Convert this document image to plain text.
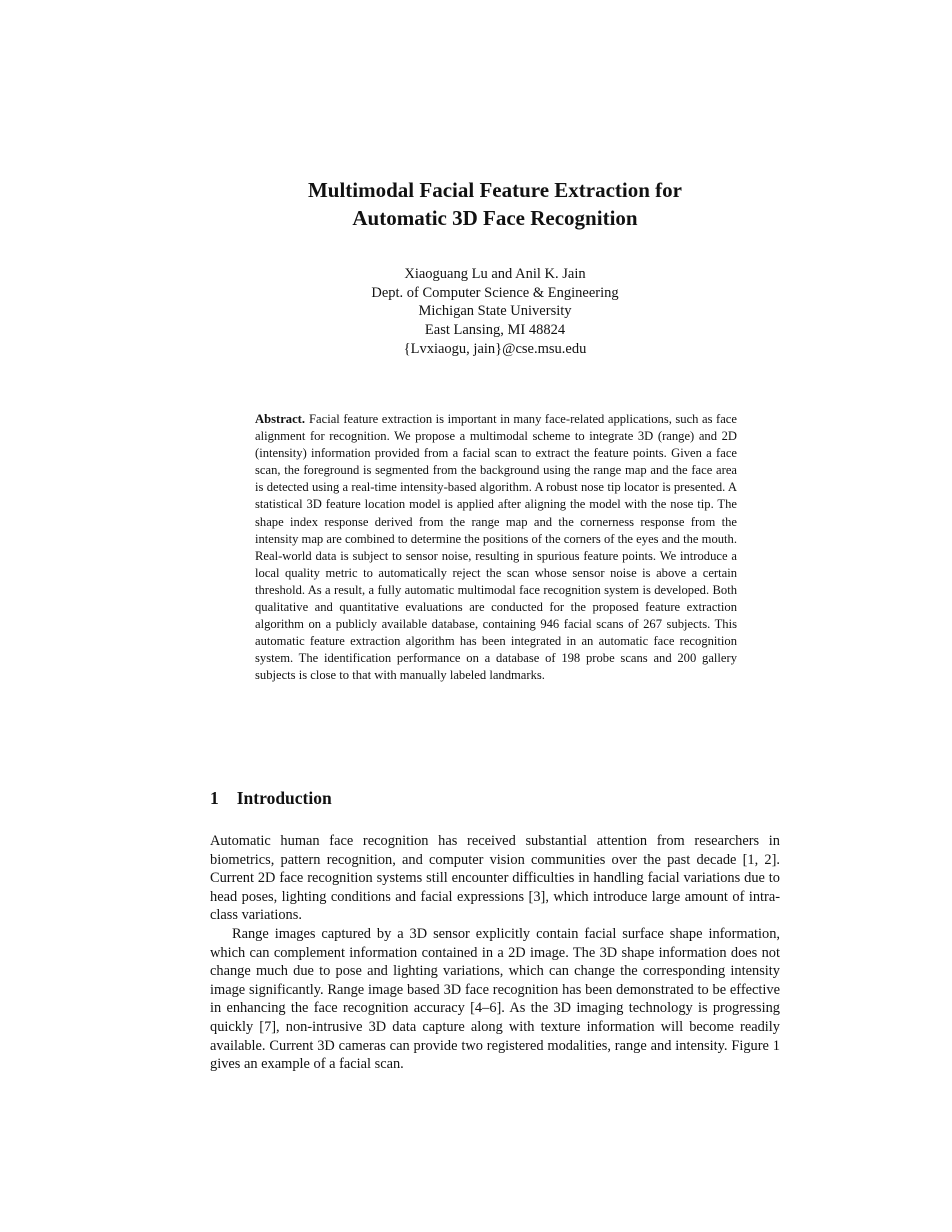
Multimodal Facial Feature Extraction for
Automatic 3D Face Recognition
Xiaoguang Lu and Anil K. Jain
Dept. of Computer Science & Engineering
Michigan State University
East Lansing, MI 48824
{Lvxiaogu, jain}@cse.msu.edu

Abstract. Facial feature extraction is important in many face-related applications, such as face alignment for recognition. We propose a multimodal scheme to integrate 3D (range) and 2D (intensity) information provided from a facial scan to extract the feature points. Given a face scan, the foreground is segmented from the background using the range map and the face area is detected using a real-time intensity-based algorithm. A robust nose tip locator is presented. A statistical 3D feature location model is applied after aligning the model with the nose tip. The shape index response derived from the range map and the cornerness response from the intensity map are combined to determine the positions of the corners of the eyes and the mouth. Real-world data is subject to sensor noise, resulting in spurious feature points. We introduce a local quality metric to automatically reject the scan whose sensor noise is above a certain threshold. As a result, a fully automatic multimodal face recognition system is developed. Both qualitative and quantitative evaluations are conducted for the proposed feature extraction algorithm on a publicly available database, containing 946 facial scans of 267 subjects. This automatic feature extraction algorithm has been integrated in an automatic face recognition system. The identification performance on a database of 198 probe scans and 200 gallery subjects is close to that with manually labeled landmarks.

1 Introduction

Automatic human face recognition has received substantial attention from researchers in biometrics, pattern recognition, and computer vision communities over the past decade [1, 2]. Current 2D face recognition systems still encounter difficulties in handling facial variations due to head poses, lighting conditions and facial expressions [3], which introduce large amount of intra-class variations.

Range images captured by a 3D sensor explicitly contain facial surface shape information, which can complement information contained in a 2D image. The 3D shape information does not change much due to pose and lighting variations, which can change the corresponding intensity image significantly. Range image based 3D face recognition has been demonstrated to be effective in enhancing the face recognition accuracy [4–6]. As the 3D imaging technology is progressing quickly [7], non-intrusive 3D data capture along with texture information will become readily available. Current 3D cameras can provide two registered modalities, range and intensity. Figure 1 gives an example of a facial scan.
